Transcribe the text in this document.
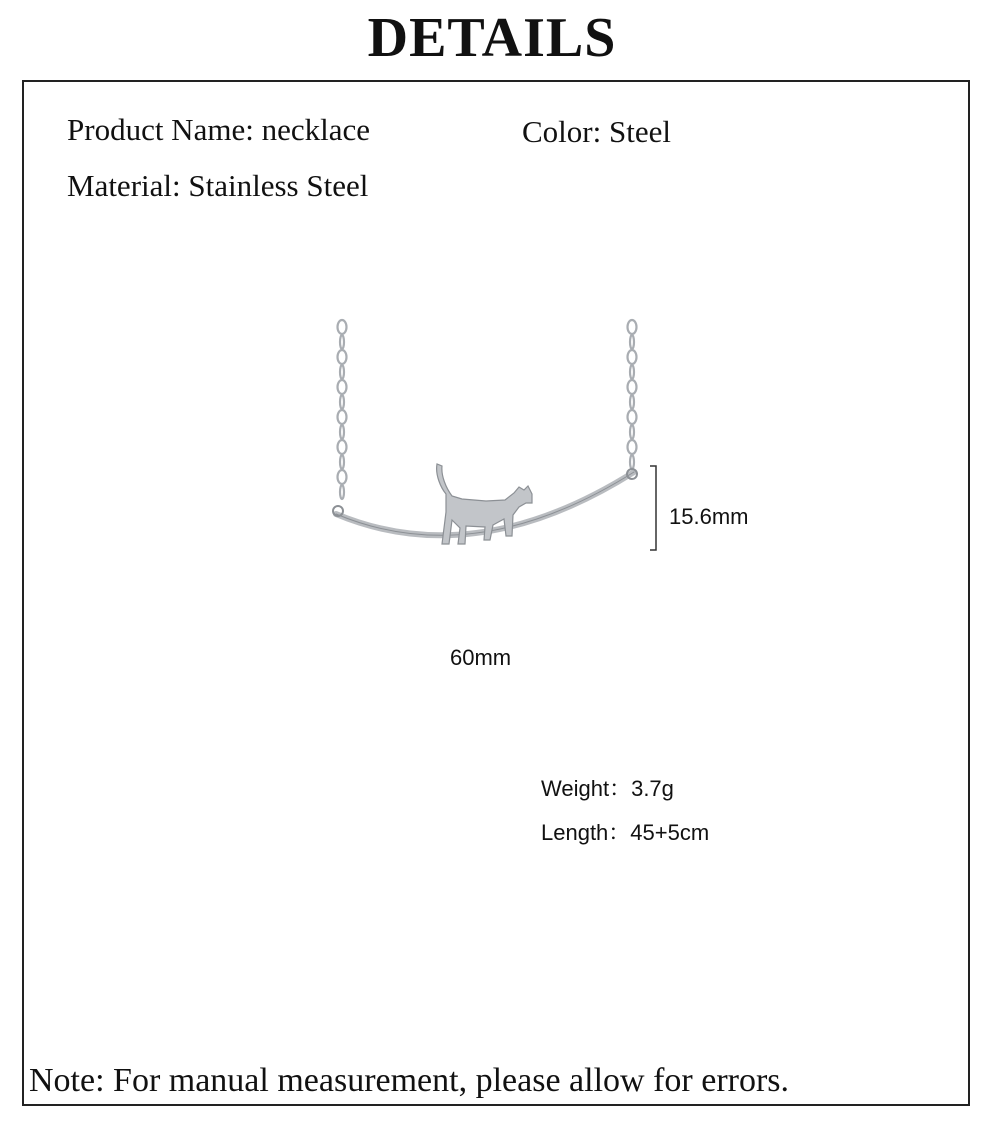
DETAILS
Product Name: necklace	Color: Steel
Material: Stainless Steel
15.6mm
60mm
Weight：3.7g
Length：45+5cm
Note: For manual measurement, please allow for errors.
